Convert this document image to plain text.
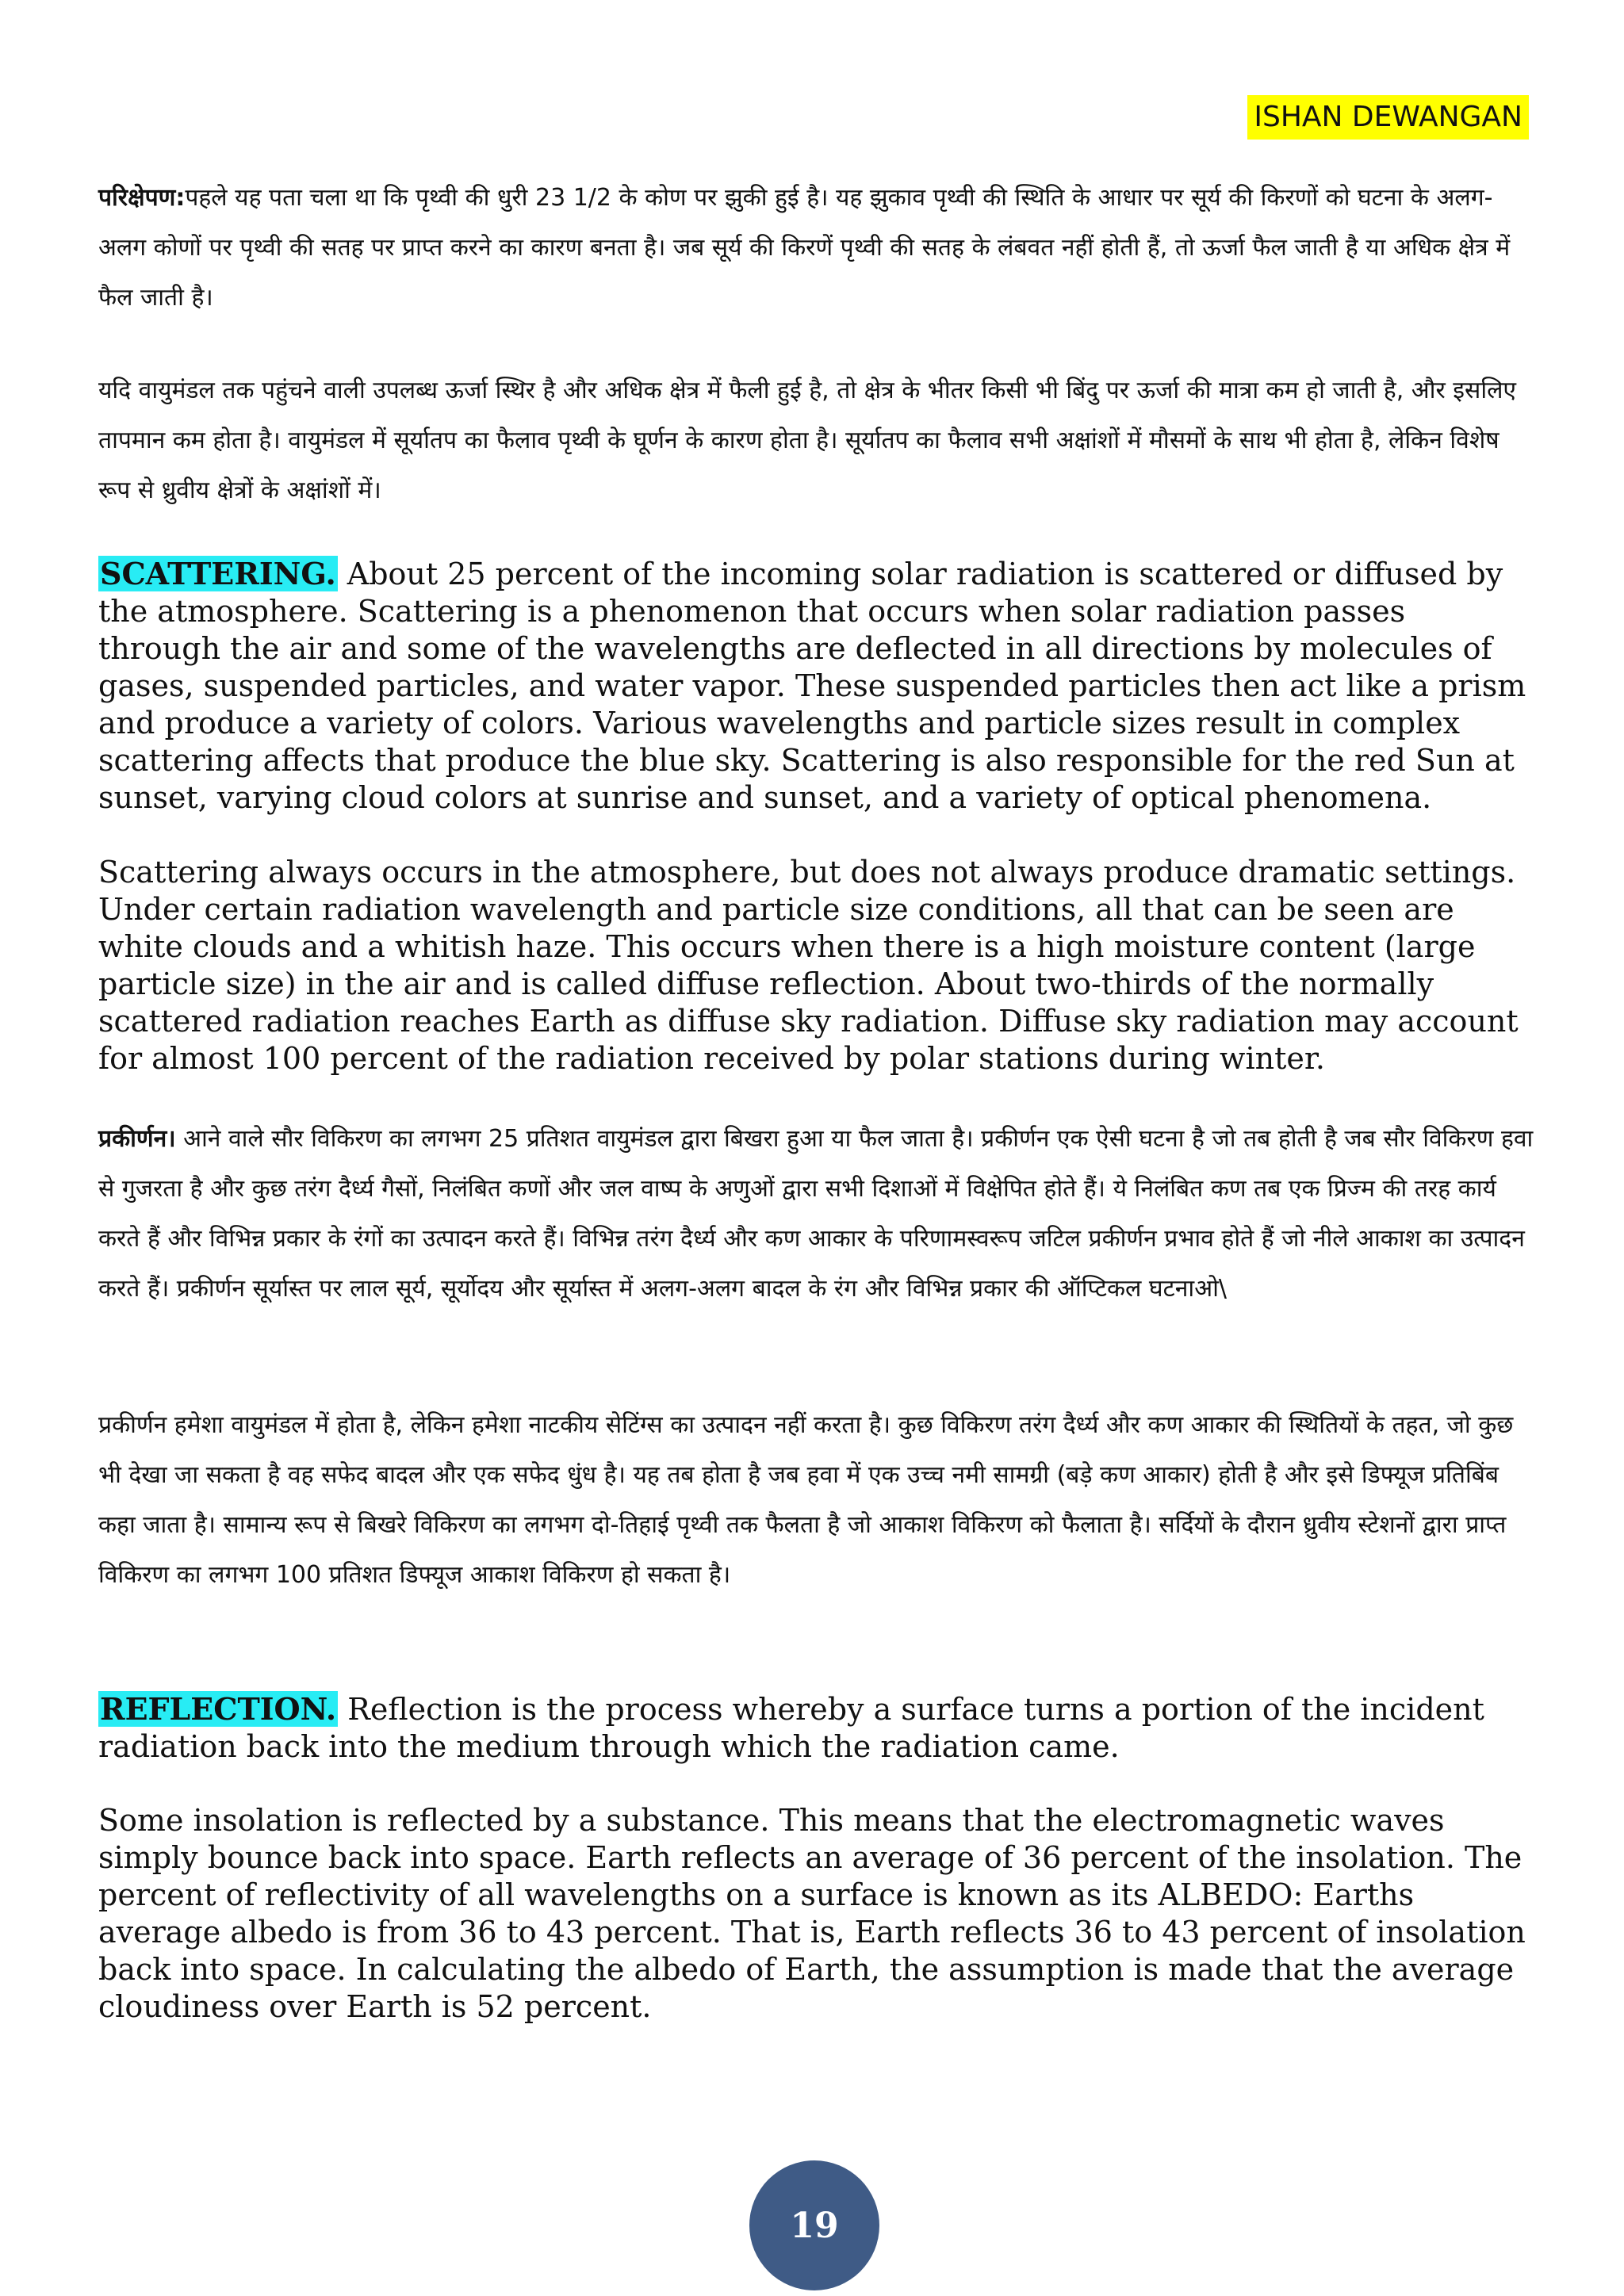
ISHAN DEWANGAN

परिक्षेपण:पहले यह पता चला था कि पृथ्वी की धुरी 23 1/2 के कोण पर झुकी हुई है। यह झुकाव पृथ्वी की स्थिति के आधार पर सूर्य की किरणों को घटना के अलग-अलग कोणों पर पृथ्वी की सतह पर प्राप्त करने का कारण बनता है। जब सूर्य की किरणें पृथ्वी की सतह के लंबवत नहीं होती हैं, तो ऊर्जा फैल जाती है या अधिक क्षेत्र में फैल जाती है।

यदि वायुमंडल तक पहुंचने वाली उपलब्ध ऊर्जा स्थिर है और अधिक क्षेत्र में फैली हुई है, तो क्षेत्र के भीतर किसी भी बिंदु पर ऊर्जा की मात्रा कम हो जाती है, और इसलिए तापमान कम होता है। वायुमंडल में सूर्यातप का फैलाव पृथ्वी के घूर्णन के कारण होता है। सूर्यातप का फैलाव सभी अक्षांशों में मौसमों के साथ भी होता है, लेकिन विशेष रूप से ध्रुवीय क्षेत्रों के अक्षांशों में।

SCATTERING. About 25 percent of the incoming solar radiation is scattered or diffused by the atmosphere. Scattering is a phenomenon that occurs when solar radiation passes through the air and some of the wavelengths are deflected in all directions by molecules of gases, suspended particles, and water vapor. These suspended particles then act like a prism and produce a variety of colors. Various wavelengths and particle sizes result in complex scattering affects that produce the blue sky. Scattering is also responsible for the red Sun at sunset, varying cloud colors at sunrise and sunset, and a variety of optical phenomena.

Scattering always occurs in the atmosphere, but does not always produce dramatic settings. Under certain radiation wavelength and particle size conditions, all that can be seen are white clouds and a whitish haze. This occurs when there is a high moisture content (large particle size) in the air and is called diffuse reflection. About two-thirds of the normally scattered radiation reaches Earth as diffuse sky radiation. Diffuse sky radiation may account for almost 100 percent of the radiation received by polar stations during winter.

प्रकीर्णन। आने वाले सौर विकिरण का लगभग 25 प्रतिशत वायुमंडल द्वारा बिखरा हुआ या फैल जाता है। प्रकीर्णन एक ऐसी घटना है जो तब होती है जब सौर विकिरण हवा से गुजरता है और कुछ तरंग दैर्ध्य गैसों, निलंबित कणों और जल वाष्प के अणुओं द्वारा सभी दिशाओं में विक्षेपित होते हैं। ये निलंबित कण तब एक प्रिज्म की तरह कार्य करते हैं और विभिन्न प्रकार के रंगों का उत्पादन करते हैं। विभिन्न तरंग दैर्ध्य और कण आकार के परिणामस्वरूप जटिल प्रकीर्णन प्रभाव होते हैं जो नीले आकाश का उत्पादन करते हैं। प्रकीर्णन सूर्यास्त पर लाल सूर्य, सूर्योदय और सूर्यास्त में अलग-अलग बादल के रंग और विभिन्न प्रकार की ऑप्टिकल घटनाओ\

प्रकीर्णन हमेशा वायुमंडल में होता है, लेकिन हमेशा नाटकीय सेटिंग्स का उत्पादन नहीं करता है। कुछ विकिरण तरंग दैर्ध्य और कण आकार की स्थितियों के तहत, जो कुछ भी देखा जा सकता है वह सफेद बादल और एक सफेद धुंध है। यह तब होता है जब हवा में एक उच्च नमी सामग्री (बड़े कण आकार) होती है और इसे डिफ्यूज प्रतिबिंब कहा जाता है। सामान्य रूप से बिखरे विकिरण का लगभग दो-तिहाई पृथ्वी तक फैलता है जो आकाश विकिरण को फैलाता है। सर्दियों के दौरान ध्रुवीय स्टेशनों द्वारा प्राप्त विकिरण का लगभग 100 प्रतिशत डिफ्यूज आकाश विकिरण हो सकता है।

REFLECTION. Reflection is the process whereby a surface turns a portion of the incident radiation back into the medium through which the radiation came.

Some insolation is reflected by a substance. This means that the electromagnetic waves simply bounce back into space. Earth reflects an average of 36 percent of the insolation. The percent of reflectivity of all wavelengths on a surface is known as its ALBEDO: Earths average albedo is from 36 to 43 percent. That is, Earth reflects 36 to 43 percent of insolation back into space. In calculating the albedo of Earth, the assumption is made that the average cloudiness over Earth is 52 percent.

19
